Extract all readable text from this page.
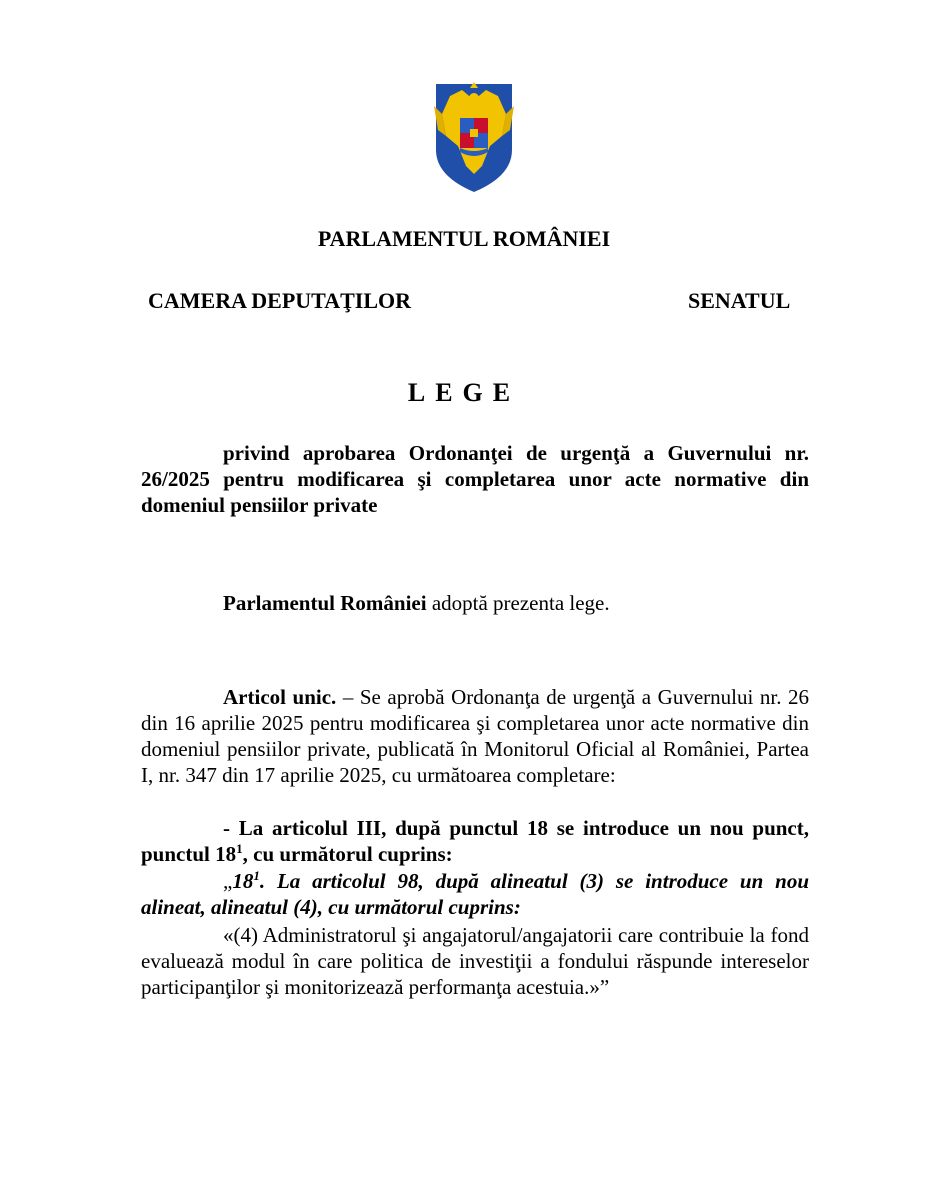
PARLAMENTUL ROMÂNIEI
CAMERA DEPUTAŢILOR	SENATUL
LEGE

privind aprobarea Ordonanţei de urgenţă a Guvernului nr. 26/2025 pentru modificarea şi completarea unor acte normative din domeniul pensiilor private

Parlamentul României adoptă prezenta lege.

Articol unic. – Se aprobă Ordonanţa de urgenţă a Guvernului nr. 26 din 16 aprilie 2025 pentru modificarea şi completarea unor acte normative din domeniul pensiilor private, publicată în Monitorul Oficial al României, Partea I, nr. 347 din 17 aprilie 2025, cu următoarea completare:

- La articolul III, după punctul 18 se introduce un nou punct, punctul $18^1$, cu următorul cuprins:

$„18^1$. La articolul 98, după alineatul (3) se introduce un nou alineat, alineatul (4), cu următorul cuprins:

«(4) Administratorul şi angajatorul/angajatorii care contribuie la fond evaluează modul în care politica de investiţii a fondului răspunde intereselor participanţilor şi monitorizează performanţa acestuia.»”
